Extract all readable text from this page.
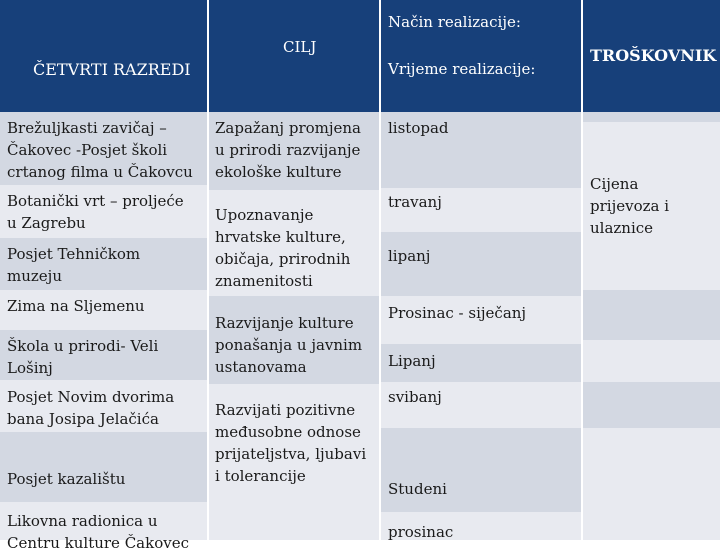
ČETVRTI RAZREDI
CILJ
Način realizacije:
Vrijeme realizacije:
TROŠKOVNIK
Brežuljkasti zavičaj –
Čakovec -Posjet školi
crtanog filma u Čakovcu
Botanički vrt – proljeće
u Zagrebu
Posjet Tehničkom
muzeju
Zima na Sljemenu
Škola u prirodi- Veli
Lošinj
Posjet Novim dvorima
bana Josipa Jelačića
Posjet kazalištu
Likovna radionica u
Centru kulture Čakovec
Zapažanj promjena
u prirodi razvijanje
ekološke kulture
Upoznavanje
hrvatske kulture,
običaja, prirodnih
znamenitosti
Razvijanje kulture
ponašanja u javnim
ustanovama
Razvijati pozitivne
međusobne odnose
prijateljstva, ljubavi
i tolerancije
listopad
travanj
lipanj
Prosinac - siječanj
Lipanj
svibanj
Studeni
prosinac
Cijena
prijevoza i
ulaznice
